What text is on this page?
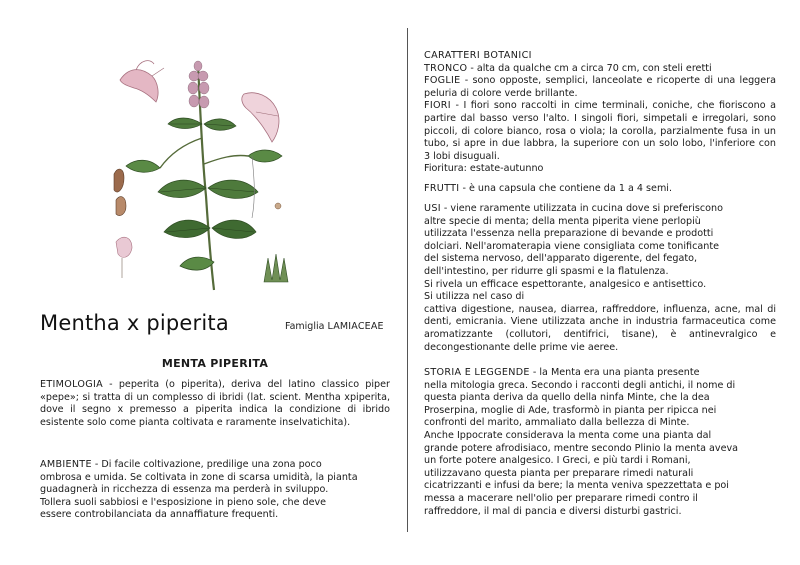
Mentha x piperita	Famiglia LAMIACEAE
MENTA PIPERITA

ETIMOLOGIA - peperita (o piperita), deriva del latino classico piper «pepe»; si tratta di un complesso di ibridi (lat. scient. Mentha xpiperita, dove il segno x premesso a piperita indica la condizione di ibrido esistente solo come pianta coltivata e raramente inselvatichita).

AMBIENTE - Di facile coltivazione, predilige una zona poco
ombrosa e umida. Se coltivata in zone di scarsa umidità, la pianta
guadagnerà in ricchezza di essenza ma perderà in sviluppo.
Tollera suoli sabbiosi e l'esposizione in pieno sole, che deve
essere controbilanciata da annaffiature frequenti.
CARATTERI BOTANICI
TRONCO - alta da qualche cm a circa 70 cm, con steli eretti

FOGLIE - sono opposte, semplici, lanceolate e ricoperte di una leggera peluria di colore verde brillante.

FIORI - I fiori sono raccolti in cime terminali, coniche, che fioriscono a partire dal basso verso l'alto. I singoli fiori, simpetali e irregolari, sono piccoli, di colore bianco, rosa o viola; la corolla, parzialmente fusa in un tubo, si apre in due labbra, la superiore con un solo lobo, l'inferiore con 3 lobi disuguali.

Fioritura: estate-autunno
FRUTTI - è una capsula che contiene da 1 a 4 semi.
USI - viene raramente utilizzata in cucina dove si preferiscono
altre specie di menta; della menta piperita viene perlopiù
utilizzata l'essenza nella preparazione di bevande e prodotti
dolciari. Nell'aromaterapia viene consigliata come tonificante
del sistema nervoso, dell'apparato digerente, del fegato,
dell'intestino, per ridurre gli spasmi e la flatulenza.
Si rivela un efficace espettorante, analgesico e antisettico.
Si utilizza nel caso di

cattiva digestione, nausea, diarrea, raffreddore, influenza, acne, mal di denti, emicrania. Viene utilizzata anche in industria farmaceutica come aromatizzante (collutori, dentifrici, tisane), è antinevralgico e decongestionante delle prime vie aeree.

STORIA E LEGGENDE - la Menta era una pianta presente
nella mitologia greca. Secondo i racconti degli antichi, il nome di
questa pianta deriva da quello della ninfa Minte, che la dea
Proserpina, moglie di Ade, trasformò in pianta per ripicca nei
confronti del marito, ammaliato dalla bellezza di Minte.
Anche Ippocrate considerava la menta come una pianta dal
grande potere afrodisiaco, mentre secondo Plinio la menta aveva
un forte potere analgesico. I Greci, e più tardi i Romani,
utilizzavano questa pianta per preparare rimedi naturali
cicatrizzanti e infusi da bere; la menta veniva spezzettata e poi
messa a macerare nell'olio per preparare rimedi contro il
raffreddore, il mal di pancia e diversi disturbi gastrici.
